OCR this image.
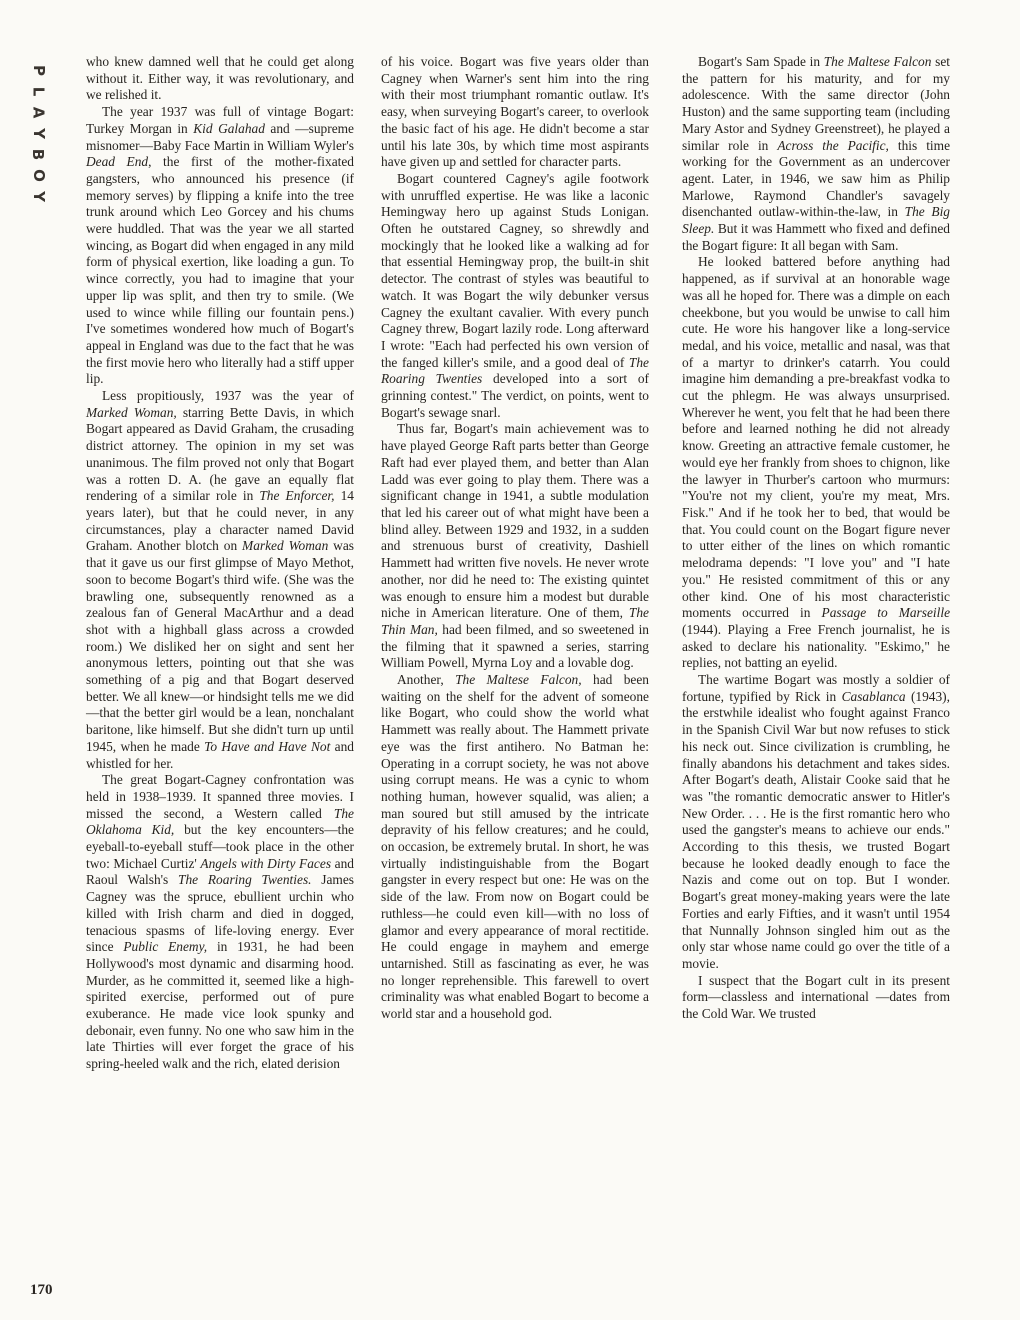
P
L
A
Y
B
O
Y

who knew damned well that he could get along without it. Either way, it was revolutionary, and we relished it.

The year 1937 was full of vintage Bogart: Turkey Morgan in Kid Galahad and —supreme misnomer—Baby Face Martin in William Wyler's Dead End, the first of the mother-fixated gangsters, who announced his presence (if memory serves) by flipping a knife into the tree trunk around which Leo Gorcey and his chums were huddled. That was the year we all started wincing, as Bogart did when engaged in any mild form of physical exertion, like loading a gun. To wince correctly, you had to imagine that your upper lip was split, and then try to smile. (We used to wince while filling our fountain pens.) I've sometimes wondered how much of Bogart's appeal in England was due to the fact that he was the first movie hero who literally had a stiff upper lip.

Less propitiously, 1937 was the year of Marked Woman, starring Bette Davis, in which Bogart appeared as David Graham, the crusading district attorney. The opinion in my set was unanimous. The film proved not only that Bogart was a rotten D. A. (he gave an equally flat rendering of a similar role in The Enforcer, 14 years later), but that he could never, in any circumstances, play a character named David Graham. Another blotch on Marked Woman was that it gave us our first glimpse of Mayo Methot, soon to become Bogart's third wife. (She was the brawling one, subsequently renowned as a zealous fan of General MacArthur and a dead shot with a highball glass across a crowded room.) We disliked her on sight and sent her anonymous letters, pointing out that she was something of a pig and that Bogart deserved better. We all knew—or hindsight tells me we did—that the better girl would be a lean, nonchalant baritone, like himself. But she didn't turn up until 1945, when he made To Have and Have Not and whistled for her.

The great Bogart-Cagney confrontation was held in 1938–1939. It spanned three movies. I missed the second, a Western called The Oklahoma Kid, but the key encounters—the eyeball-to-eyeball stuff—took place in the other two: Michael Curtiz' Angels with Dirty Faces and Raoul Walsh's The Roaring Twenties. James Cagney was the spruce, ebullient urchin who killed with Irish charm and died in dogged, tenacious spasms of life-loving energy. Ever since Public Enemy, in 1931, he had been Hollywood's most dynamic and disarming hood. Murder, as he committed it, seemed like a high-spirited exercise, performed out of pure exuberance. He made vice look spunky and debonair, even funny. No one who saw him in the late Thirties will ever forget the grace of his spring-heeled walk and the rich, elated derision

of his voice. Bogart was five years older than Cagney when Warner's sent him into the ring with their most triumphant romantic outlaw. It's easy, when surveying Bogart's career, to overlook the basic fact of his age. He didn't become a star until his late 30s, by which time most aspirants have given up and settled for character parts.

Bogart countered Cagney's agile footwork with unruffled expertise. He was like a laconic Hemingway hero up against Studs Lonigan. Often he outstared Cagney, so shrewdly and mockingly that he looked like a walking ad for that essential Hemingway prop, the built-in shit detector. The contrast of styles was beautiful to watch. It was Bogart the wily debunker versus Cagney the exultant cavalier. With every punch Cagney threw, Bogart lazily rode. Long afterward I wrote: "Each had perfected his own version of the fanged killer's smile, and a good deal of The Roaring Twenties developed into a sort of grinning contest." The verdict, on points, went to Bogart's sewage snarl.

Thus far, Bogart's main achievement was to have played George Raft parts better than George Raft had ever played them, and better than Alan Ladd was ever going to play them. There was a significant change in 1941, a subtle modulation that led his career out of what might have been a blind alley. Between 1929 and 1932, in a sudden and strenuous burst of creativity, Dashiell Hammett had written five novels. He never wrote another, nor did he need to: The existing quintet was enough to ensure him a modest but durable niche in American literature. One of them, The Thin Man, had been filmed, and so sweetened in the filming that it spawned a series, starring William Powell, Myrna Loy and a lovable dog.

Another, The Maltese Falcon, had been waiting on the shelf for the advent of someone like Bogart, who could show the world what Hammett was really about. The Hammett private eye was the first antihero. No Batman he: Operating in a corrupt society, he was not above using corrupt means. He was a cynic to whom nothing human, however squalid, was alien; a man soured but still amused by the intricate depravity of his fellow creatures; and he could, on occasion, be extremely brutal. In short, he was virtually indistinguishable from the Bogart gangster in every respect but one: He was on the side of the law. From now on Bogart could be ruthless—he could even kill—with no loss of glamor and every appearance of moral rectitide. He could engage in mayhem and emerge untarnished. Still as fascinating as ever, he was no longer reprehensible. This farewell to overt criminality was what enabled Bogart to become a world star and a household god.

Bogart's Sam Spade in The Maltese Falcon set the pattern for his maturity, and for my adolescence. With the same director (John Huston) and the same supporting team (including Mary Astor and Sydney Greenstreet), he played a similar role in Across the Pacific, this time working for the Government as an undercover agent. Later, in 1946, we saw him as Philip Marlowe, Raymond Chandler's savagely disenchanted outlaw-within-the-law, in The Big Sleep. But it was Hammett who fixed and defined the Bogart figure: It all began with Sam.

He looked battered before anything had happened, as if survival at an honorable wage was all he hoped for. There was a dimple on each cheekbone, but you would be unwise to call him cute. He wore his hangover like a long-service medal, and his voice, metallic and nasal, was that of a martyr to drinker's catarrh. You could imagine him demanding a pre-breakfast vodka to cut the phlegm. He was always unsurprised. Wherever he went, you felt that he had been there before and learned nothing he did not already know. Greeting an attractive female customer, he would eye her frankly from shoes to chignon, like the lawyer in Thurber's cartoon who murmurs: "You're not my client, you're my meat, Mrs. Fisk." And if he took her to bed, that would be that. You could count on the Bogart figure never to utter either of the lines on which romantic melodrama depends: "I love you" and "I hate you." He resisted commitment of this or any other kind. One of his most characteristic moments occurred in Passage to Marseille (1944). Playing a Free French journalist, he is asked to declare his nationality. "Eskimo," he replies, not batting an eyelid.

The wartime Bogart was mostly a soldier of fortune, typified by Rick in Casablanca (1943), the erstwhile idealist who fought against Franco in the Spanish Civil War but now refuses to stick his neck out. Since civilization is crumbling, he finally abandons his detachment and takes sides. After Bogart's death, Alistair Cooke said that he was "the romantic democratic answer to Hitler's New Order. . . . He is the first romantic hero who used the gangster's means to achieve our ends." According to this thesis, we trusted Bogart because he looked deadly enough to face the Nazis and come out on top. But I wonder. Bogart's great money-making years were the late Forties and early Fifties, and it wasn't until 1954 that Nunnally Johnson singled him out as the only star whose name could go over the title of a movie.

I suspect that the Bogart cult in its present form—classless and international —dates from the Cold War. We trusted

170
